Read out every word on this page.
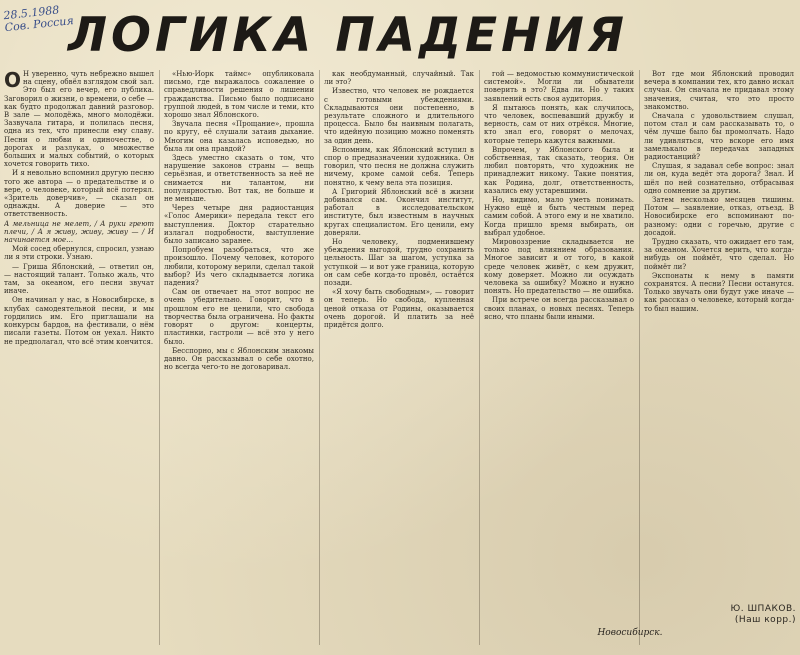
28.5.1988 Сов. Россия
ЛОГИКА ПАДЕНИЯ

О Н уверенно, чуть небрежно вышел на сцену, обвёл взглядом свой зал. Это был его вечер, его публика. Заговорил о жизни, о времени, о себе — как будто продолжал давний разговор. В зале — молодёжь, много молодёжи. Зазвучала гитара, и полилась песня, одна из тех, что принесли ему славу. Песни о любви и одиночестве, о дорогах и разлуках, о множестве больших и малых событий, о которых хочется говорить тихо.

И я невольно вспомнил другую песню того же автора — о предательстве и о вере, о человеке, который всё потерял. «Зритель доверчив», — сказал он однажды. А доверие — это ответственность.

А мельница не мелет, / А руки греют плечи, / А я живу, живу, живу — / И начинается мое…

Мой сосед обернулся, спросил, узнаю ли я эти строки. Узнаю.

— Гриша Яблонский, — ответил он, — настоящий талант. Только жаль, что там, за океаном, его песни звучат иначе.

Он начинал у нас, в Новосибирске, в клубах самодеятельной песни, и мы гордились им. Его приглашали на конкурсы бардов, на фестивали, о нём писали газеты. Потом он уехал. Никто не предполагал, что всё этим кончится.

«Нью-Йорк таймс» опубликовала письмо, где выражалось сожаление о справедливости решения о лишении гражданства. Письмо было подписано группой людей, в том числе и теми, кто хорошо знал Яблонского.

Звучала песня «Прощание», прошла по кругу, её слушали затаив дыхание. Многим она казалась исповедью, но была ли она правдой?

Здесь уместно сказать о том, что нарушение законов страны — вещь серьёзная, и ответственность за неё не снимается ни талантом, ни популярностью. Вот так, не больше и не меньше.

Через четыре дня радиостанция «Голос Америки» передала текст его выступления. Доктор старательно излагал подробности, выступление было записано заранее.

Попробуем разобраться, что же произошло. Почему человек, которого любили, которому верили, сделал такой выбор? Из чего складывается логика падения?

Сам он отвечает на этот вопрос не очень убедительно. Говорит, что в прошлом его не ценили, что свобода творчества была ограничена. Но факты говорят о другом: концерты, пластинки, гастроли — всё это у него было.

Бесспорно, мы с Яблонским знакомы давно. Он рассказывал о себе охотно, но всегда чего-то не договаривал.

как необдуманный, случайный. Так ли это?

Известно, что человек не рождается с готовыми убеждениями. Складываются они постепенно, в результате сложного и длительного процесса. Было бы наивным полагать, что идейную позицию можно поменять за один день.

Вспомним, как Яблонский вступил в спор о предназначении художника. Он говорил, что песня не должна служить ничему, кроме самой себя. Теперь понятно, к чему вела эта позиция.

А Григорий Яблонский всё в жизни добивался сам. Окончил институт, работал в исследовательском институте, был известным в научных кругах специалистом. Его ценили, ему доверяли.

Но человеку, подменившему убеждения выгодой, трудно сохранить цельность. Шаг за шагом, уступка за уступкой — и вот уже граница, которую он сам себе когда-то провёл, остаётся позади.

«Я хочу быть свободным», — говорит он теперь. Но свобода, купленная ценой отказа от Родины, оказывается очень дорогой. И платить за неё придётся долго.

гой — ведомостью коммунистической системой». Могли ли обыватели поверить в это? Едва ли. Но у таких заявлений есть своя аудитория.

Я пытаюсь понять, как случилось, что человек, воспевавший дружбу и верность, сам от них отрёкся. Многие, кто знал его, говорят о мелочах, которые теперь кажутся важными.

Впрочем, у Яблонского была и собственная, так сказать, теория. Он любил повторять, что художник не принадлежит никому. Такие понятия, как Родина, долг, ответственность, казались ему устаревшими.

Но, видимо, мало уметь понимать. Нужно ещё и быть честным перед самим собой. А этого ему и не хватило. Когда пришло время выбирать, он выбрал удобное.

Мировоззрение складывается не только под влиянием образования. Многое зависит и от того, в какой среде человек живёт, с кем дружит, кому доверяет. Можно ли осуждать человека за ошибку? Можно и нужно понять. Но предательство — не ошибка.

При встрече он всегда рассказывал о своих планах, о новых песнях. Теперь ясно, что планы были иными.

Вот где мои Яблонский проводил вечера в компании тех, кто давно искал случая. Он сначала не придавал этому значения, считая, что это просто знакомство.

Сначала с удовольствием слушал, потом стал и сам рассказывать то, о чём лучше было бы промолчать. Надо ли удивляться, что вскоре его имя замелькало в передачах западных радиостанций?

Слушая, я задавал себе вопрос: знал ли он, куда ведёт эта дорога? Знал. И шёл по ней сознательно, отбрасывая одно сомнение за другим.

Затем несколько месяцев тишины. Потом — заявление, отказ, отъезд. В Новосибирске его вспоминают по-разному: одни с горечью, другие с досадой.

Трудно сказать, что ожидает его там, за океаном. Хочется верить, что когда-нибудь он поймёт, что сделал. Но поймёт ли?

Экспонаты к нему в памяти сохранятся. А песни? Песни останутся. Только звучать они будут уже иначе — как рассказ о человеке, который когда-то был нашим.

Ю. ШПАКОВ.
(Наш корр.)
Новосибирск.
